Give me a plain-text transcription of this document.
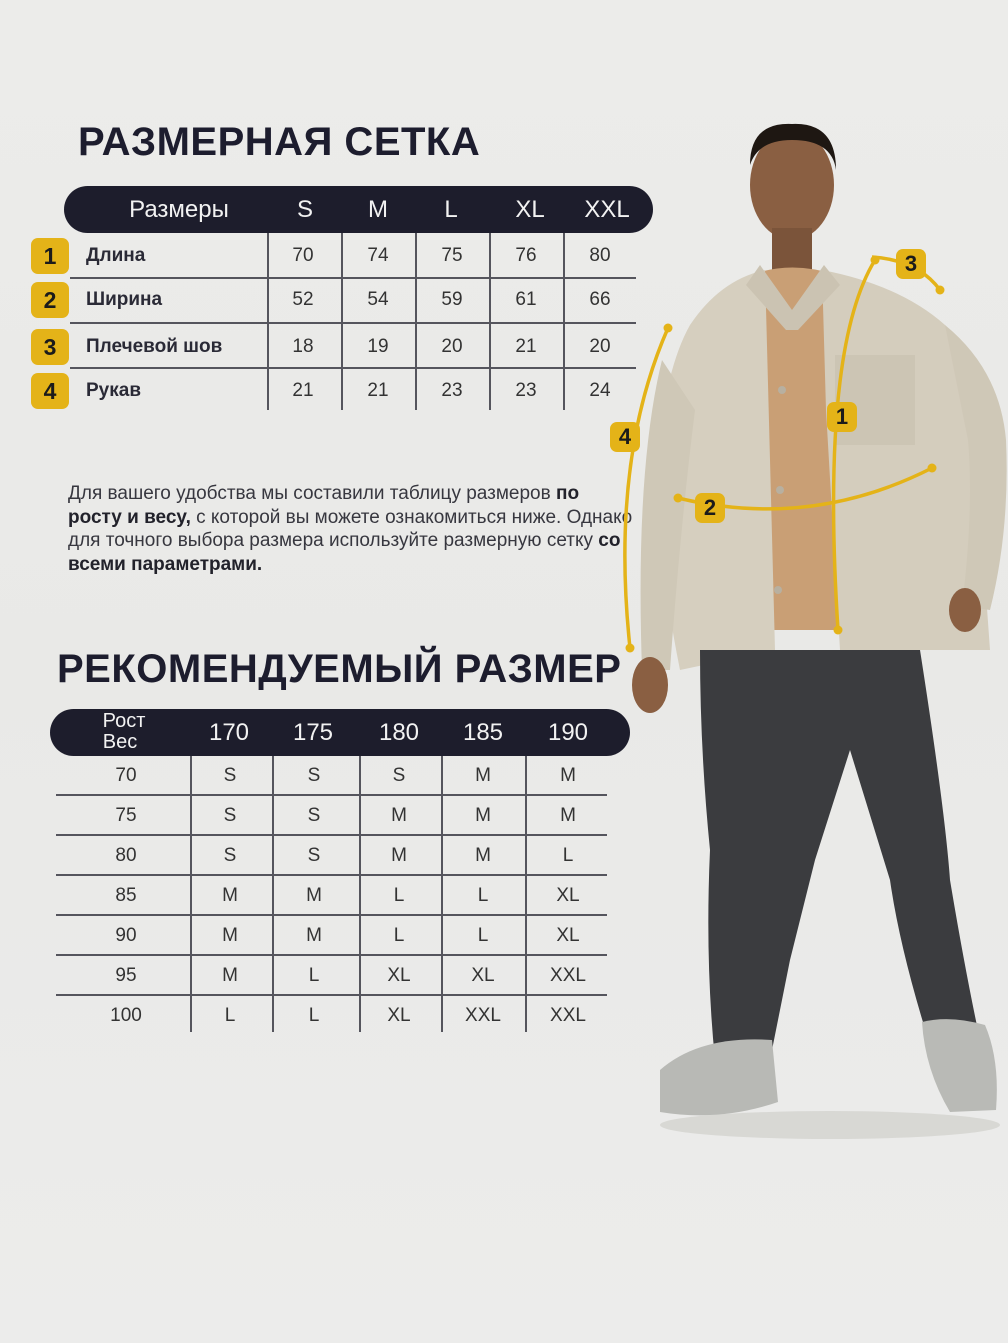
РАЗМЕРНАЯ СЕТКА
Размеры	S	M	L	XL	XXL
1	Длина	70	74	75	76	80
2	Ширина	52	54	59	61	66
3	Плечевой шов	18	19	20	21	20
4	Рукав	21	21	23	23	24
Для вашего удобства мы составили таблицу размеров по росту и весу, с которой вы можете ознакомиться ниже. Однако для точного выбора размера используйте размерную сетку со всеми параметрами.
РЕКОМЕНДУЕМЫЙ РАЗМЕР
Рост
Вес	170	175	180	185	190
70	S	S	S	M	M
75	S	S	M	M	M
80	S	S	M	M	L
85	M	M	L	L	XL
90	M	M	L	L	XL
95	M	L	XL	XL	XXL
100	L	L	XL	XXL	XXL
1
2
3
4
